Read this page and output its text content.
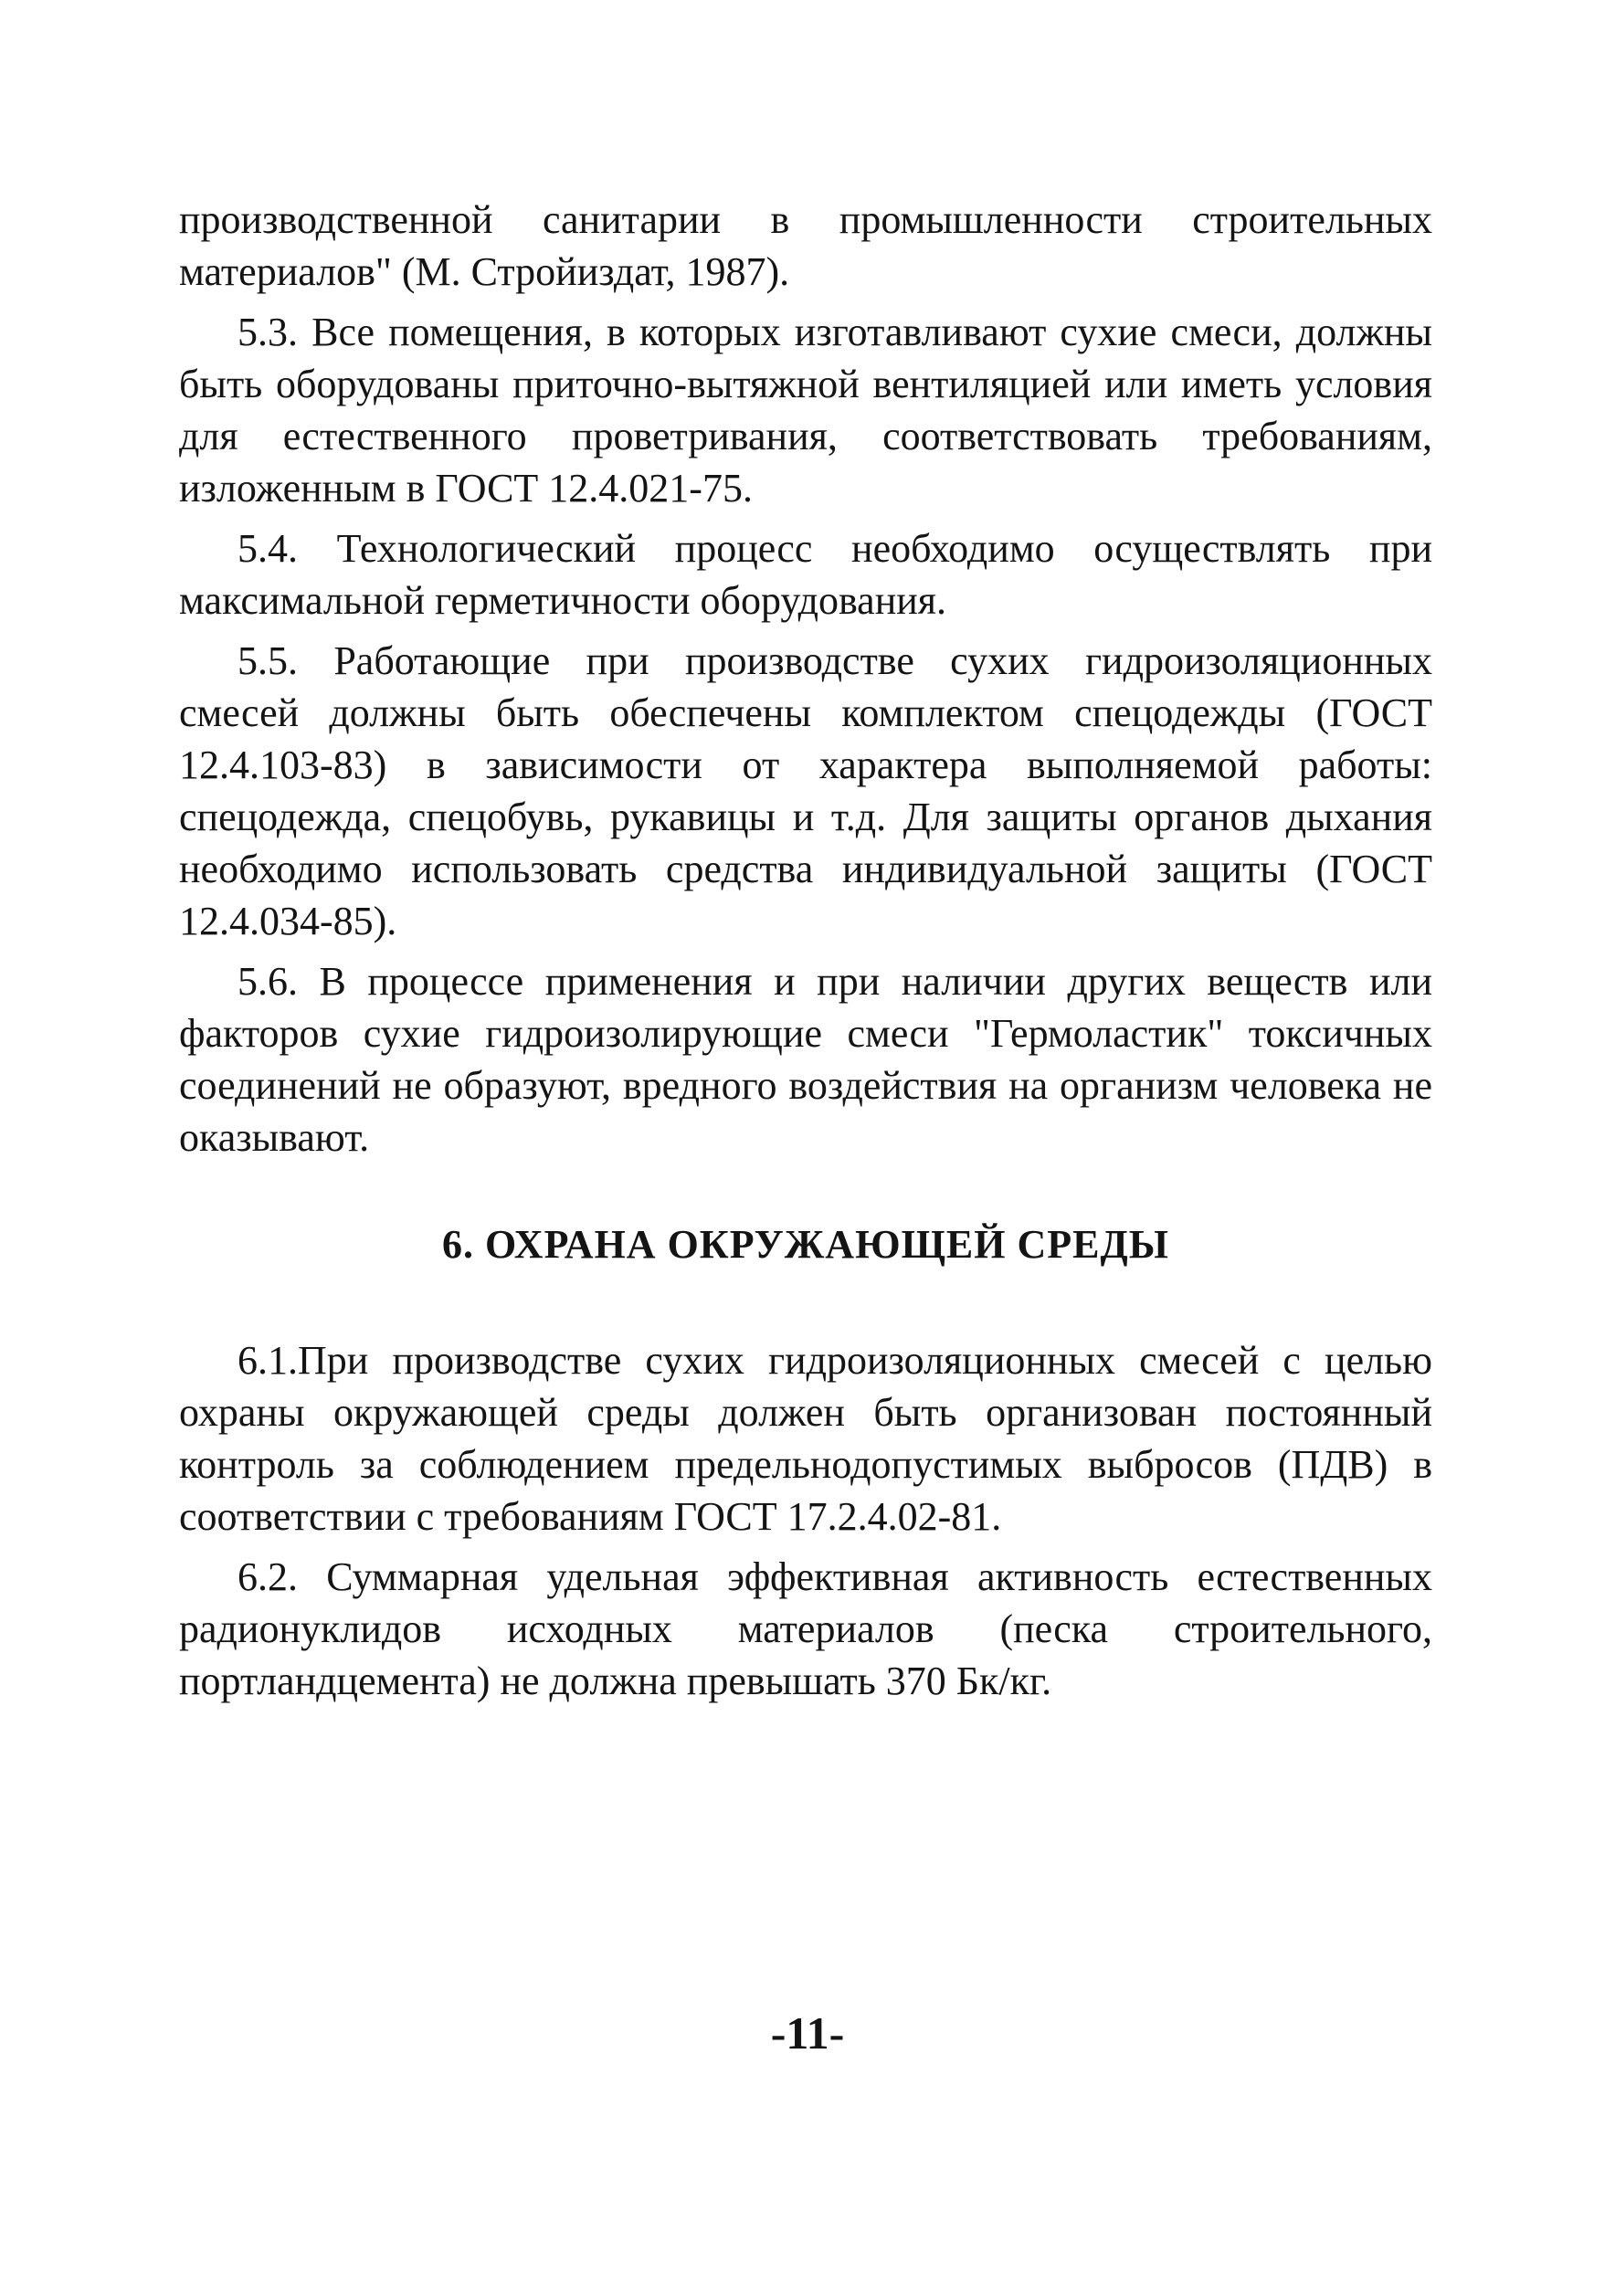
производственной санитарии в промышленности строительных материалов" (М. Стройиздат, 1987).

5.3. Все помещения, в которых изготавливают сухие смеси, должны быть оборудованы приточно-вытяжной вентиляцией или иметь условия для естественного проветривания, соответствовать требованиям, изложенным в ГОСТ 12.4.021-75.

5.4. Технологический процесс необходимо осуществлять при максимальной герметичности оборудования.

5.5. Работающие при производстве сухих гидроизоляционных смесей должны быть обеспечены комплектом спецодежды (ГОСТ 12.4.103-83) в зависимости от характера выполняемой работы: спецодежда, спецобувь, рукавицы и т.д. Для защиты органов дыхания необходимо использовать средства индивидуальной защиты (ГОСТ 12.4.034-85).

5.6. В процессе применения и при наличии других веществ или факторов сухие гидроизолирующие смеси "Гермоластик" токсичных соединений не образуют, вредного воздействия на организм человека не оказывают.

6. ОХРАНА ОКРУЖАЮЩЕЙ СРЕДЫ

6.1.При производстве сухих гидроизоляционных смесей с целью охраны окружающей среды должен быть организован постоянный контроль за соблюдением предельнодопустимых выбросов (ПДВ) в соответствии с требованиям ГОСТ 17.2.4.02-81.

6.2. Суммарная удельная эффективная активность естественных радионуклидов исходных материалов (песка строительного, портландцемента) не должна превышать 370 Бк/кг.

-11-
